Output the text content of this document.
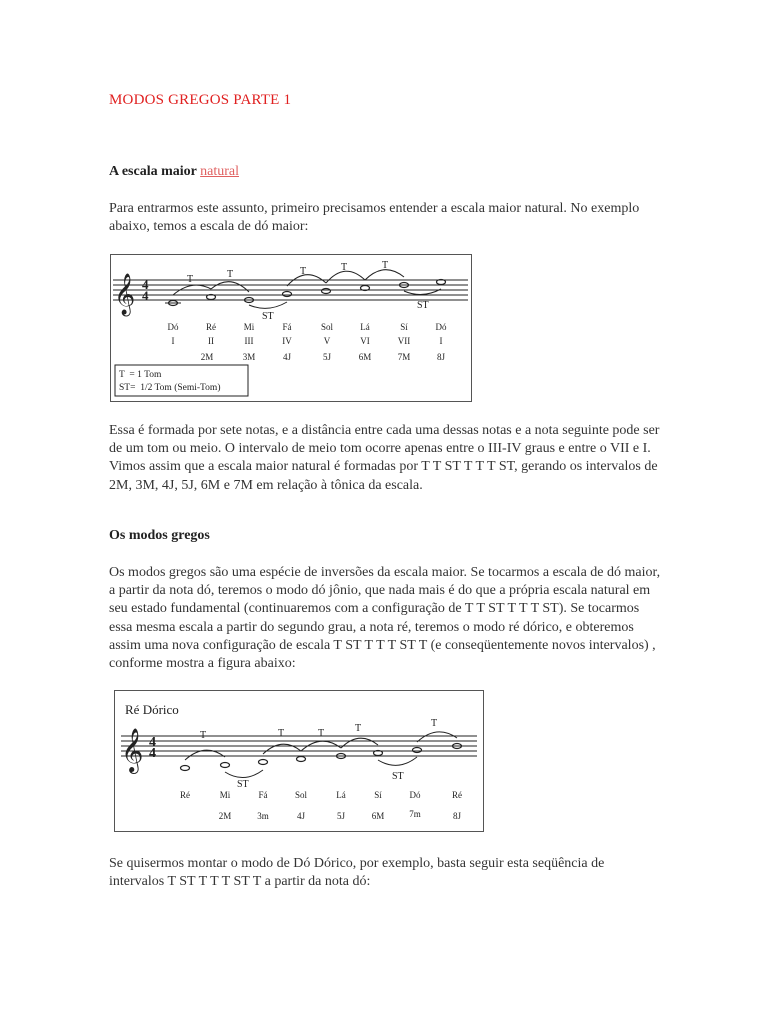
MODOS GREGOS PARTE 1
A escala maior natural
Para entrarmos este assunto, primeiro precisamos entender a escala maior natural. No exemplo abaixo, temos a escala de dó maior:
𝄞 4
4
T	T
ST
T	T	T
ST
Dó	Ré	Mi	Fá	Sol	Lá	Sí	Dó
I	II	III	IV	V	VI	VII	I
2M	3M	4J	5J	6M	7M	8J
T  = 1 Tom
ST=  1/2 Tom (Semi-Tom)
Essa é formada por sete notas, e a distância entre cada uma dessas notas e a nota seguinte pode ser de um tom ou meio. O intervalo de meio tom ocorre apenas entre o III-IV graus e entre o VII e I. Vimos assim que a escala maior natural é formadas por T T ST T T T ST, gerando os intervalos de 2M, 3M, 4J, 5J, 6M e 7M em relação à tônica da escala.
Os modos gregos
Os modos gregos são uma espécie de inversões da escala maior. Se tocarmos a escala de dó maior, a partir da nota dó, teremos o modo dó jônio, que nada mais é do que a própria escala natural em seu estado fundamental (continuaremos com a configuração de T T ST T T T ST). Se tocarmos essa mesma escala a partir do segundo grau, a nota ré, teremos o modo ré dórico, e obteremos assim uma nova configuração de escala T ST T T T ST T (e conseqüentemente novos intervalos) , conforme mostra a figura abaixo:
Ré Dórico
𝄞 4
4
T
ST
T	T	T
ST
T
Ré	Mi	Fá	Sol	Lá	Sí	Dó	Ré
2M	3m	4J	5J	6M	7m	8J
Se quisermos montar o modo de Dó Dórico, por exemplo, basta seguir esta seqüência de intervalos T ST T T T ST T a partir da nota dó:
